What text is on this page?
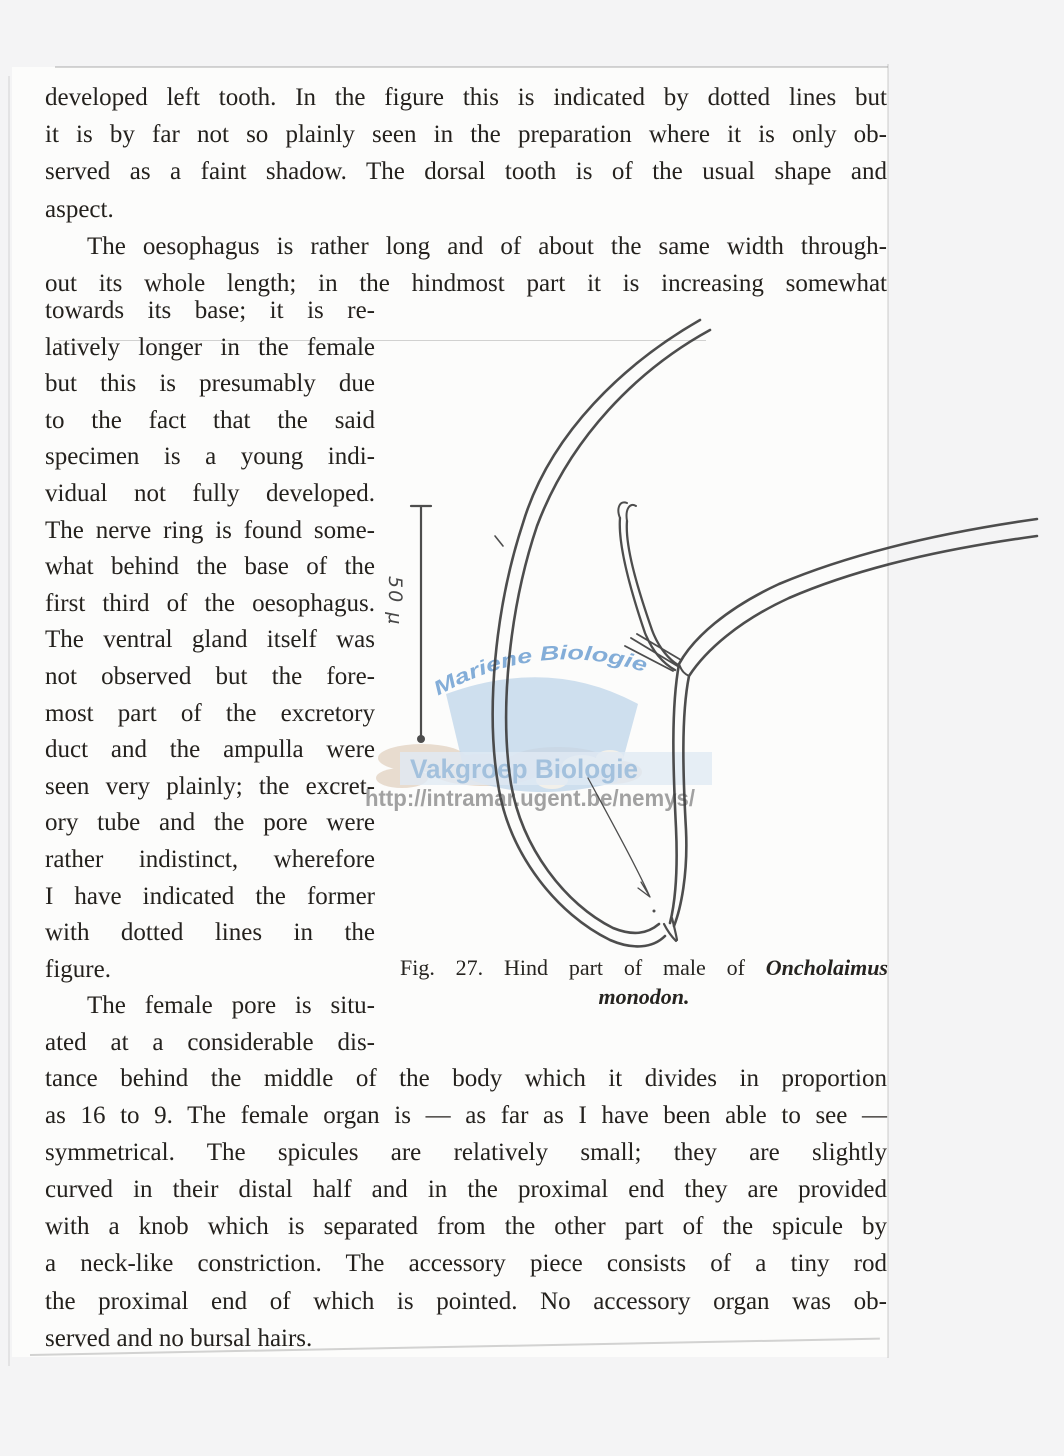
developed left tooth. In the figure this is indicated by dotted lines but
it is by far not so plainly seen in the preparation where it is only ob-
served as a faint shadow. The dorsal tooth is of the usual shape and
aspect.
The oesophagus is rather long and of about the same width through-
out its whole length; in the hindmost part it is increasing somewhat
towards its base; it is re-
latively longer in the female
but this is presumably due
to the fact that the said
specimen is a young indi-
vidual not fully developed.
The nerve ring is found some-
what behind the base of the
first third of the oesophagus.
The ventral gland itself was
not observed but the fore-
most part of the excretory
duct and the ampulla were
seen very plainly; the excret-
ory tube and the pore were
rather indistinct, wherefore
I have indicated the former
with dotted lines in the
figure.
The female pore is situ-
ated at a considerable dis-
tance behind the middle of the body which it divides in proportion
as 16 to 9. The female organ is — as far as I have been able to see —
symmetrical. The spicules are relatively small; they are slightly
curved in their distal half and in the proximal end they are provided
with a knob which is separated from the other part of the spicule by
a neck-like constriction. The accessory piece consists of a tiny rod
the proximal end of which is pointed. No accessory organ was ob-
served and no bursal hairs.
Mariene Biologie
Vakgroep Biologie
http://intramar.ugent.be/nemys/
50 μ
Fig. 27. Hind part of male of Oncholaimus
monodon.
